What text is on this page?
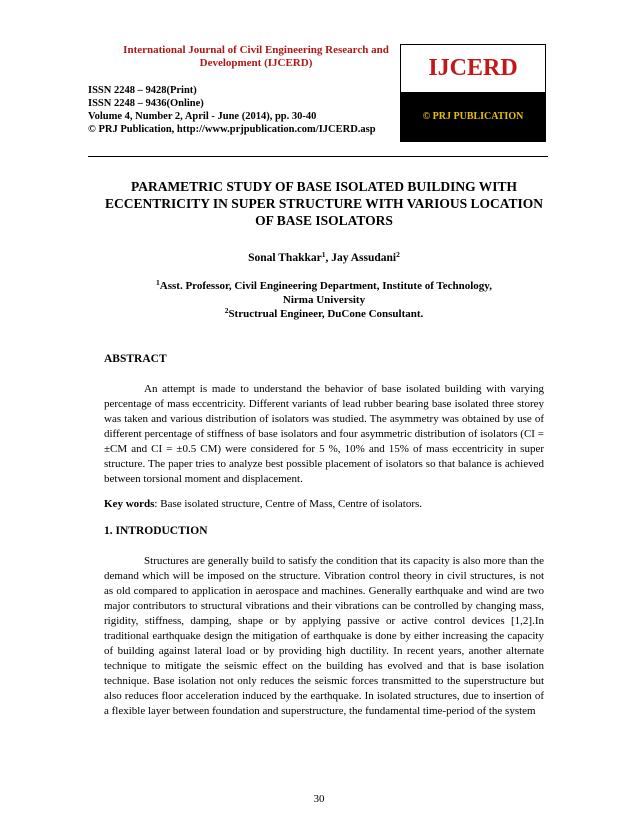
International Journal of Civil Engineering Research and Development (IJCERD)
ISSN 2248 – 9428(Print)
ISSN 2248 – 9436(Online)
Volume 4, Number 2, April - June (2014), pp. 30-40
© PRJ Publication, http://www.prjpublication.com/IJCERD.asp
IJCERD
© PRJ PUBLICATION
PARAMETRIC STUDY OF BASE ISOLATED BUILDING WITH ECCENTRICITY IN SUPER STRUCTURE WITH VARIOUS LOCATION OF BASE ISOLATORS
Sonal Thakkar$^1$, Jay Assudani$^2$
$^1$Asst. Professor, Civil Engineering Department, Institute of Technology,
Nirma University
$^2$Structrual Engineer, DuCone Consultant.
ABSTRACT

An attempt is made to understand the behavior of base isolated building with varying percentage of mass eccentricity. Different variants of lead rubber bearing base isolated three storey was taken and various distribution of isolators was studied. The asymmetry was obtained by use of different percentage of stiffness of base isolators and four asymmetric distribution of isolators (CI = ±CM and CI = ±0.5 CM) were considered for 5 %, 10% and 15% of mass eccentricity in super structure. The paper tries to analyze best possible placement of isolators so that balance is achieved between torsional moment and displacement.

Key words: Base isolated structure, Centre of Mass, Centre of isolators.
1. INTRODUCTION

Structures are generally build to satisfy the condition that its capacity is also more than the demand which will be imposed on the structure. Vibration control theory in civil structures, is not as old compared to application in aerospace and machines. Generally earthquake and wind are two major contributors to structural vibrations and their vibrations can be controlled by changing mass, rigidity, stiffness, damping, shape or by applying passive or active control devices [1,2].In traditional earthquake design the mitigation of earthquake is done by either increasing the capacity of building against lateral load or by providing high ductility. In recent years, another alternate technique to mitigate the seismic effect on the building has evolved and that is base isolation technique. Base isolation not only reduces the seismic forces transmitted to the superstructure but also reduces floor acceleration induced by the earthquake. In isolated structures, due to insertion of a flexible layer between foundation and superstructure, the fundamental time-period of the system

30
